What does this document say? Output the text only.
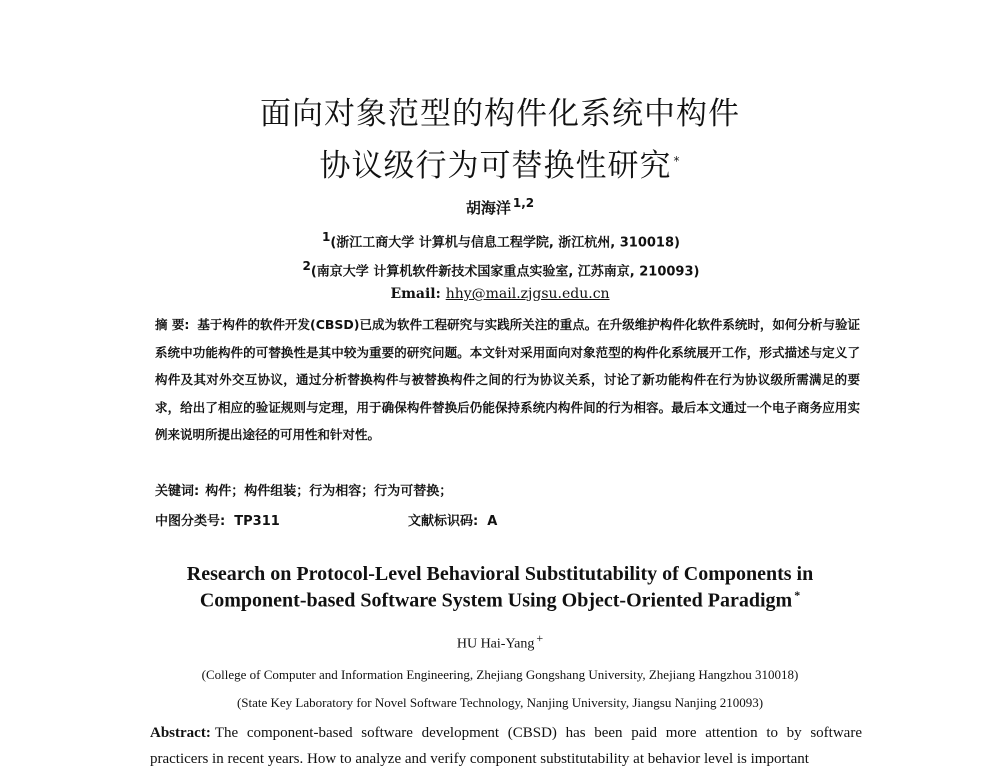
面向对象范型的构件化系统中构件
协议级行为可替换性研究 *
胡海洋 $^{1,2}$
1(浙江工商大学 计算机与信息工程学院, 浙江杭州, 310018)
2(南京大学 计算机软件新技术国家重点实验室, 江苏南京, 210093)
Email: hhy@mail.zjgsu.edu.cn
摘 要: 基于构件的软件开发(CBSD)已成为软件工程研究与实践所关注的重点。在升级维护构件化软件系统时，如何分析与验证系统中功能构件的可替换性是其中较为重要的研究问题。本文针对采用面向对象范型的构件化系统展开工作，形式描述与定义了构件及其对外交互协议，通过分析替换构件与被替换构件之间的行为协议关系，讨论了新功能构件在行为协议级所需满足的要求，给出了相应的验证规则与定理，用于确保构件替换后仍能保持系统内构件间的行为相容。最后本文通过一个电子商务应用实例来说明所提出途径的可用性和针对性。
关键词: 构件；构件组装；行为相容；行为可替换；
中图分类号: TP311	文献标识码: A
Research on Protocol-Level Behavioral Substitutability of Components in
Component-based Software System Using Object-Oriented Paradigm *
HU Hai-Yang +
(College of Computer and Information Engineering, Zhejiang Gongshang University, Zhejiang Hangzhou 310018)
(State Key Laboratory for Novel Software Technology, Nanjing University, Jiangsu Nanjing 210093)
Abstract: The component-based software development (CBSD) has been paid more attention to by software practicers in recent years. How to analyze and verify component substitutability at behavior level is important
